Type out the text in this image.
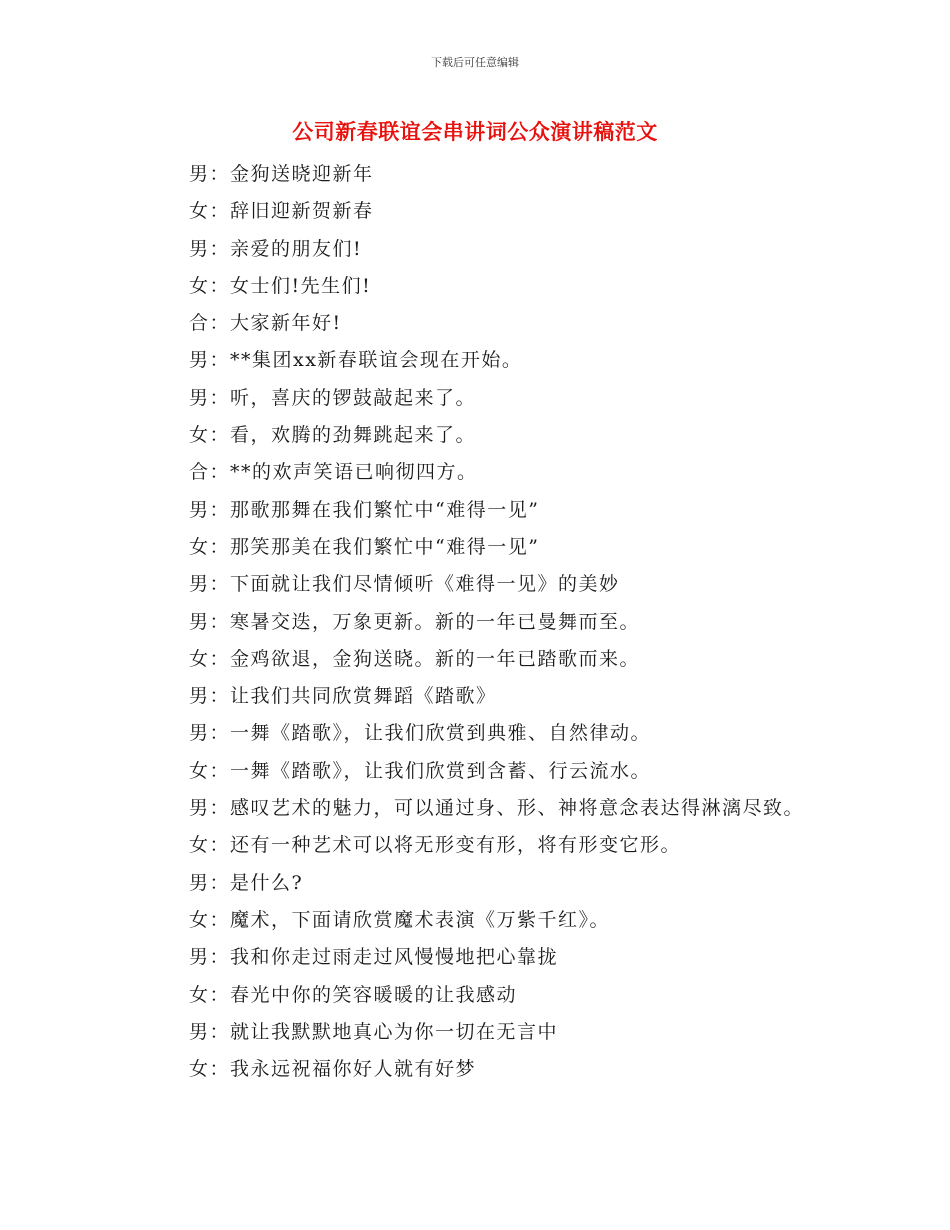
下载后可任意编辑
公司新春联谊会串讲词公众演讲稿范文
男：金狗送晓迎新年
女：辞旧迎新贺新春
男：亲爱的朋友们!
女：女士们!先生们!
合：大家新年好!
男：**集团xx新春联谊会现在开始。
男：听，喜庆的锣鼓敲起来了。
女：看，欢腾的劲舞跳起来了。
合：**的欢声笑语已响彻四方。
男：那歌那舞在我们繁忙中“难得一见”
女：那笑那美在我们繁忙中“难得一见”
男：下面就让我们尽情倾听《难得一见》的美妙
男：寒暑交迭，万象更新。新的一年已曼舞而至。
女：金鸡欲退，金狗送晓。新的一年已踏歌而来。
男：让我们共同欣赏舞蹈《踏歌》
男：一舞《踏歌》，让我们欣赏到典雅、自然律动。
女：一舞《踏歌》，让我们欣赏到含蓄、行云流水。
男：感叹艺术的魅力，可以通过身、形、神将意念表达得淋漓尽致。
女：还有一种艺术可以将无形变有形，将有形变它形。
男：是什么?
女：魔术，下面请欣赏魔术表演《万紫千红》。
男：我和你走过雨走过风慢慢地把心靠拢
女：春光中你的笑容暖暖的让我感动
男：就让我默默地真心为你一切在无言中
女：我永远祝福你好人就有好梦
